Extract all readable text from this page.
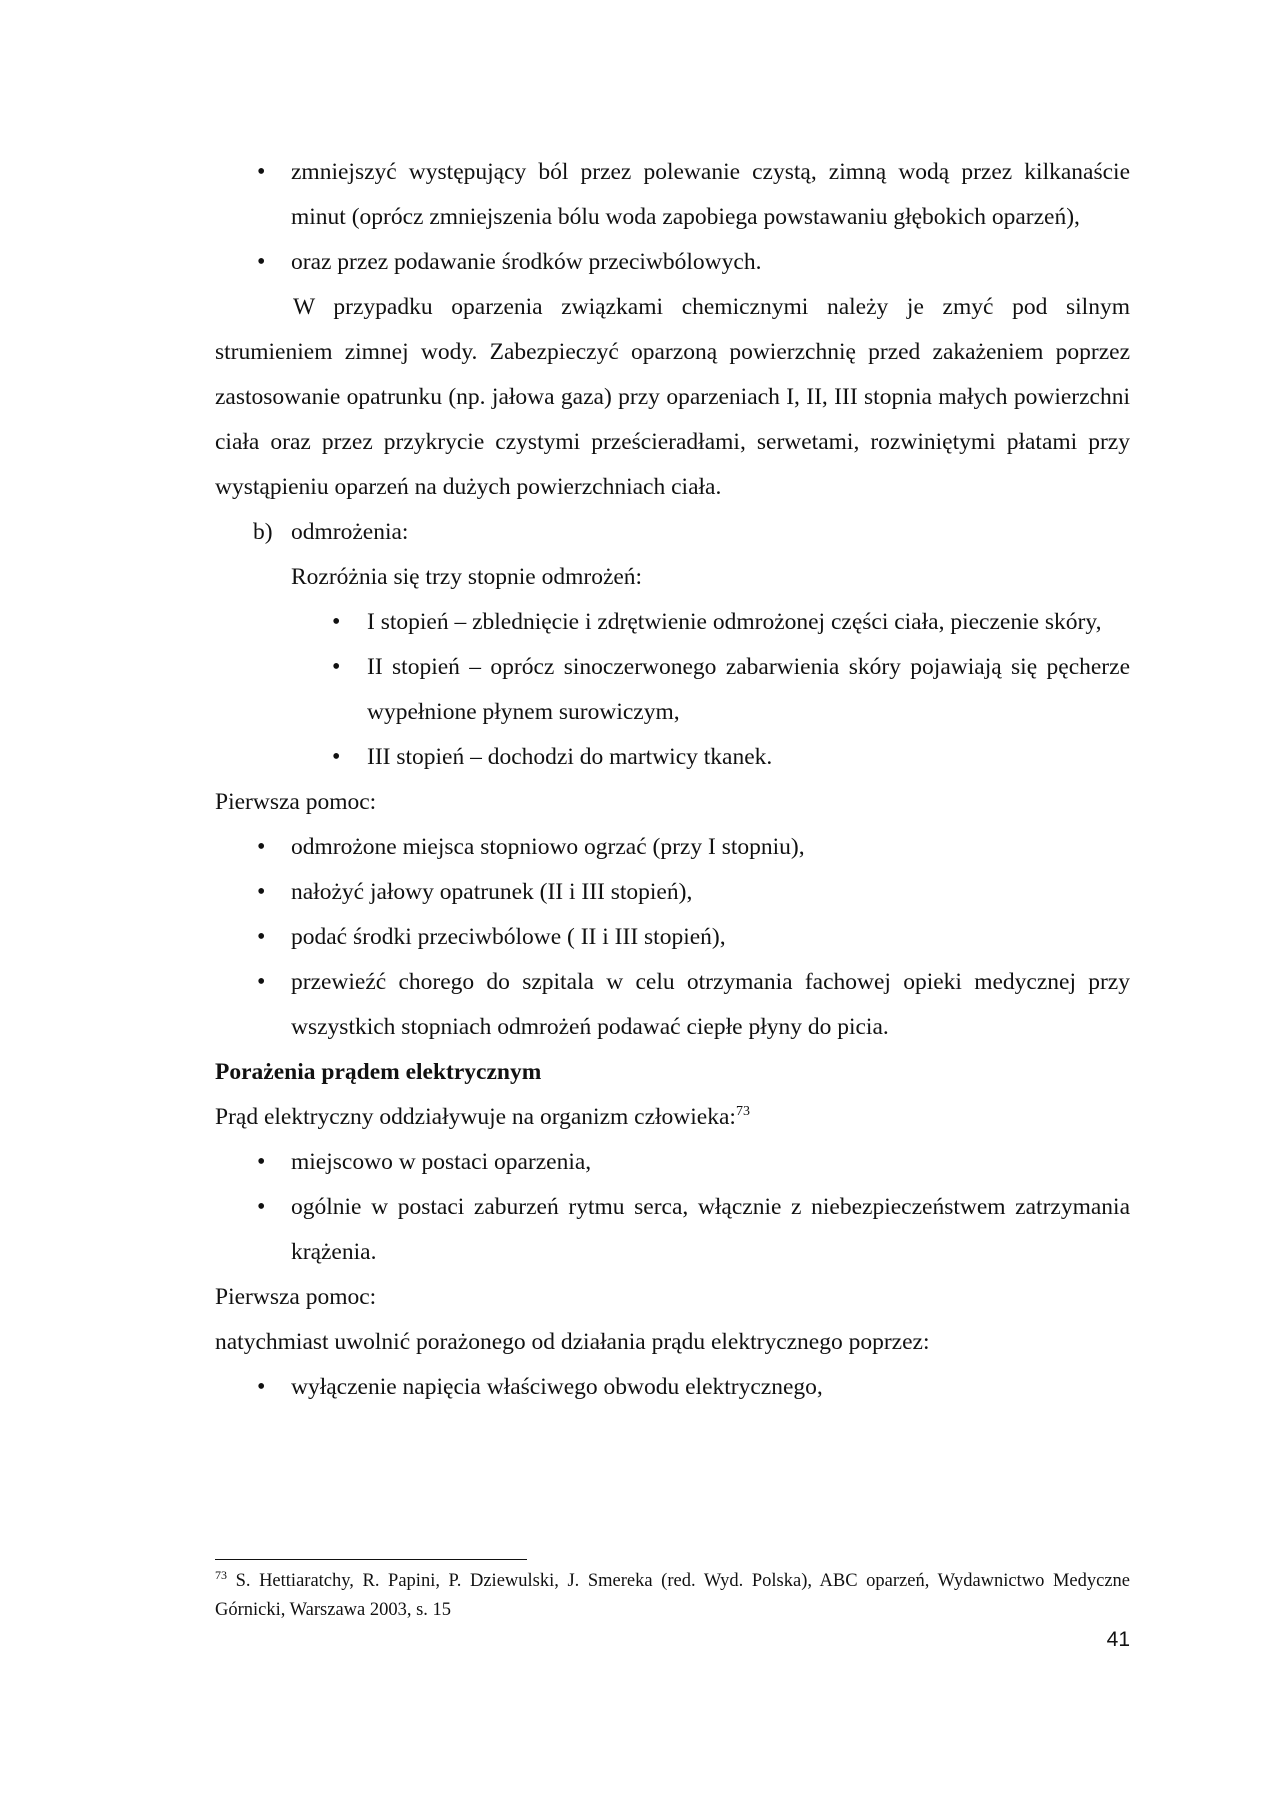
• zmniejszyć występujący ból przez polewanie czystą, zimną wodą przez kilkanaście minut (oprócz zmniejszenia bólu woda zapobiega powstawaniu głębokich oparzeń),
• oraz przez podawanie środków przeciwbólowych.

W przypadku oparzenia związkami chemicznymi należy je zmyć pod silnym strumieniem zimnej wody. Zabezpieczyć oparzoną powierzchnię przed zakażeniem poprzez zastosowanie opatrunku (np. jałowa gaza) przy oparzeniach I, II, III stopnia małych powierzchni ciała oraz przez przykrycie czystymi prześcieradłami, serwetami, rozwiniętymi płatami przy wystąpieniu oparzeń na dużych powierzchniach ciała.

b) odmrożenia:

Rozróżnia się trzy stopnie odmrożeń:

• I stopień – zblednięcie i zdrętwienie odmrożonej części ciała, pieczenie skóry,
• II stopień – oprócz sinoczerwonego zabarwienia skóry pojawiają się pęcherze wypełnione płynem surowiczym,
• III stopień – dochodzi do martwicy tkanek.

Pierwsza pomoc:

• odmrożone miejsca stopniowo ogrzać (przy I stopniu),
• nałożyć jałowy opatrunek (II i III stopień),
• podać środki przeciwbólowe ( II i III stopień),
• przewieźć chorego do szpitala w celu otrzymania fachowej opieki medycznej przy wszystkich stopniach odmrożeń podawać ciepłe płyny do picia.

Porażenia prądem elektrycznym

Prąd elektryczny oddziaływuje na organizm człowieka:$^{73}$

• miejscowo w postaci oparzenia,
• ogólnie w postaci zaburzeń rytmu serca, włącznie z niebezpieczeństwem zatrzymania krążenia.

Pierwsza pomoc:

natychmiast uwolnić porażonego od działania prądu elektrycznego poprzez:

• wyłączenie napięcia właściwego obwodu elektrycznego,
$^{73}$ S. Hettiaratchy, R. Papini, P. Dziewulski, J. Smereka (red. Wyd. Polska), ABC oparzeń, Wydawnictwo Medyczne Górnicki, Warszawa 2003, s. 15
41
